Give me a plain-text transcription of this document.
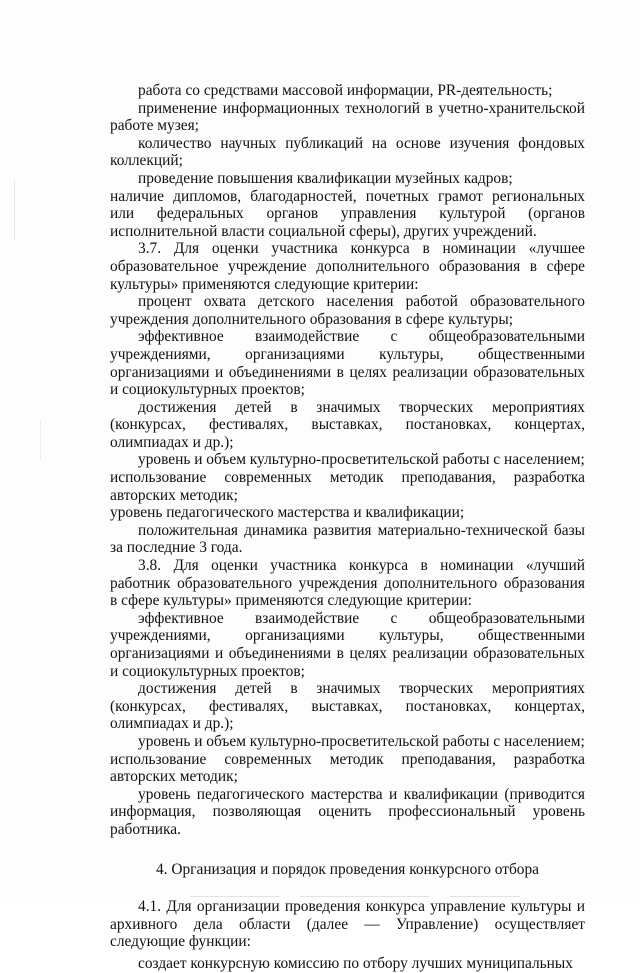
работа со средствами массовой информации, PR-деятельность;

применение информационных технологий в учетно-хранительской работе музея;

количество научных публикаций на основе изучения фондовых коллекций;

проведение повышения квалификации музейных кадров;

наличие дипломов, благодарностей, почетных грамот региональных или федеральных органов управления культурой (органов исполнительной власти социальной сферы), других учреждений.

3.7. Для оценки участника конкурса в номинации «лучшее образовательное учреждение дополнительного образования в сфере культуры» применяются следующие критерии:

процент охвата детского населения работой образовательного учреждения дополнительного образования в сфере культуры;

эффективное взаимодействие с общеобразовательными учреждениями, организациями культуры, общественными организациями и объединениями в целях реализации образовательных и социокультурных проектов;

достижения детей в значимых творческих мероприятиях (конкурсах, фестивалях, выставках, постановках, концертах, олимпиадах и др.);

уровень и объем культурно-просветительской работы с населением;

использование современных методик преподавания, разработка авторских методик;

уровень педагогического мастерства и квалификации;

положительная динамика развития материально-технической базы за последние 3 года.

3.8. Для оценки участника конкурса в номинации «лучший работник образовательного учреждения дополнительного образования в сфере культуры» применяются следующие критерии:

эффективное взаимодействие с общеобразовательными учреждениями, организациями культуры, общественными организациями и объединениями в целях реализации образовательных и социокультурных проектов;

достижения детей в значимых творческих мероприятиях (конкурсах, фестивалях, выставках, постановках, концертах, олимпиадах и др.);

уровень и объем культурно-просветительской работы с населением;

использование современных методик преподавания, разработка авторских методик;

уровень педагогического мастерства и квалификации (приводится информация, позволяющая оценить профессиональный уровень работника.

4. Организация и порядок проведения конкурсного отбора

4.1. Для организации проведения конкурса управление культуры и архивного дела области (далее — Управление) осуществляет следующие функции:

создает конкурсную комиссию по отбору лучших муниципальных
